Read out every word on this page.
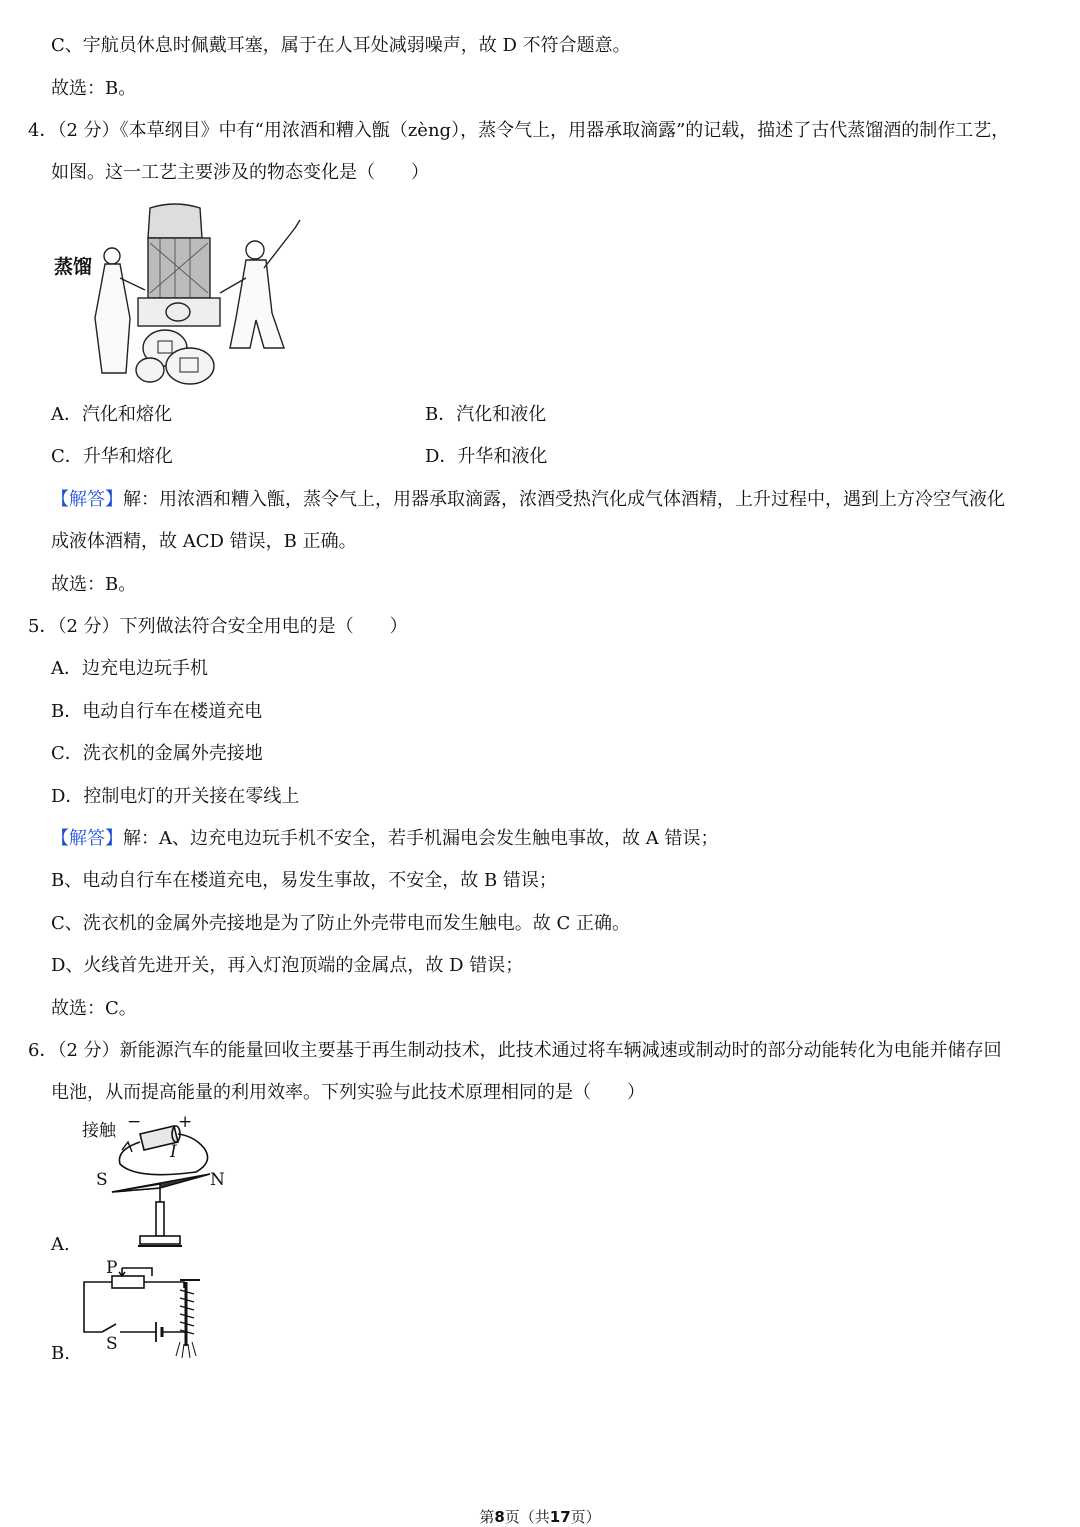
C、宇航员休息时佩戴耳塞，属于在人耳处减弱噪声，故 D 不符合题意。
故选：B。
4．（2 分）《本草纲目》中有“用浓酒和糟入甑（zèng），蒸令气上，用器承取滴露”的记载，描述了古代蒸馏酒的制作工艺，
如图。这一工艺主要涉及的物态变化是（　　）
蒸馏
A．汽化和熔化	B．汽化和液化
C．升华和熔化	D．升华和液化
【解答】解：用浓酒和糟入甑，蒸令气上，用器承取滴露，浓酒受热汽化成气体酒精，上升过程中，遇到上方冷空气液化
成液体酒精，故 ACD 错误，B 正确。
故选：B。
5．（2 分）下列做法符合安全用电的是（　　）
A．边充电边玩手机
B．电动自行车在楼道充电
C．洗衣机的金属外壳接地
D．控制电灯的开关接在零线上
【解答】解：A、边充电边玩手机不安全，若手机漏电会发生触电事故，故 A 错误；
B、电动自行车在楼道充电，易发生事故，不安全，故 B 错误；
C、洗衣机的金属外壳接地是为了防止外壳带电而发生触电。故 C 正确。
D、火线首先进开关，再入灯泡顶端的金属点，故 D 错误；
故选：C。
6．（2 分）新能源汽车的能量回收主要基于再生制动技术，此技术通过将车辆减速或制动时的部分动能转化为电能并储存回
电池，从而提高能量的利用效率。下列实验与此技术原理相同的是（　　）
接触 − +
I
S	N
A.
P
S
B.
第8页（共17页）
